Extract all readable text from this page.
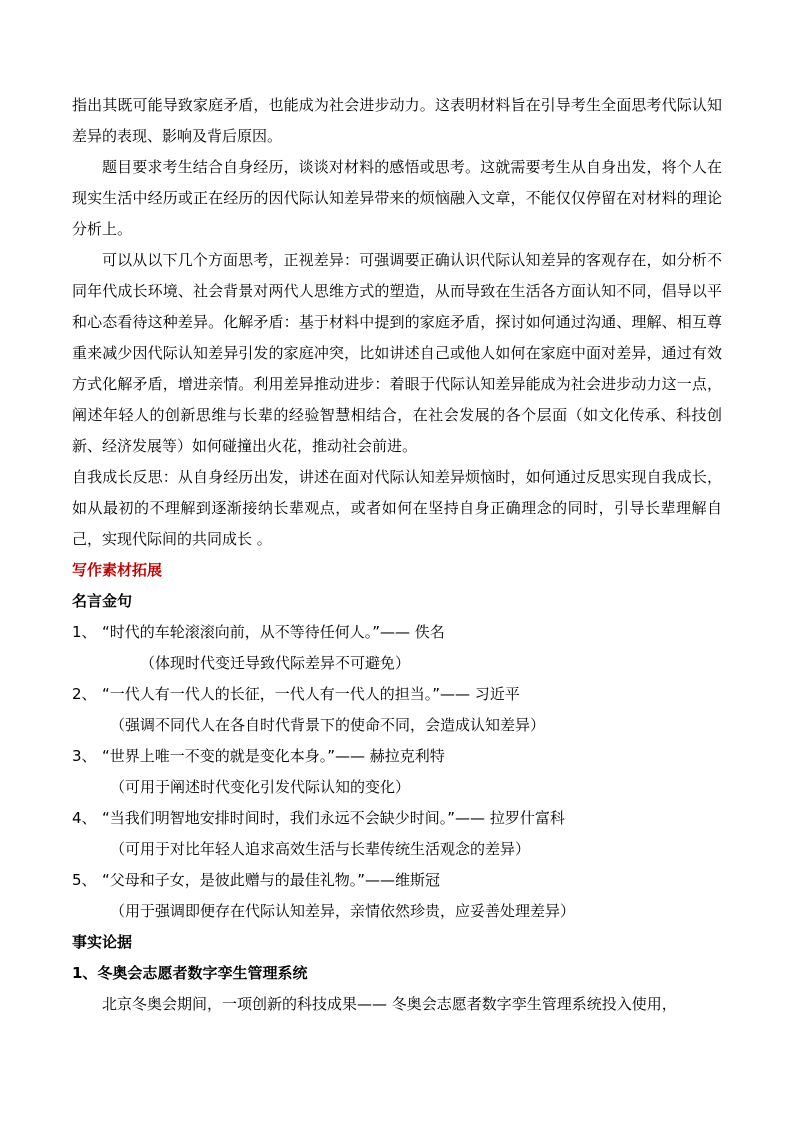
指出其既可能导致家庭矛盾，也能成为社会进步动力。这表明材料旨在引导考生全面思考代际认知差异的表现、影响及背后原因。

题目要求考生结合自身经历，谈谈对材料的感悟或思考。这就需要考生从自身出发，将个人在现实生活中经历或正在经历的因代际认知差异带来的烦恼融入文章，不能仅仅停留在对材料的理论分析上。

可以从以下几个方面思考，正视差异：可强调要正确认识代际认知差异的客观存在，如分析不同年代成长环境、社会背景对两代人思维方式的塑造，从而导致在生活各方面认知不同，倡导以平和心态看待这种差异。化解矛盾：基于材料中提到的家庭矛盾，探讨如何通过沟通、理解、相互尊重来减少因代际认知差异引发的家庭冲突，比如讲述自己或他人如何在家庭中面对差异，通过有效方式化解矛盾，增进亲情。利用差异推动进步：着眼于代际认知差异能成为社会进步动力这一点，阐述年轻人的创新思维与长辈的经验智慧相结合，在社会发展的各个层面（如文化传承、科技创新、经济发展等）如何碰撞出火花，推动社会前进。

自我成长反思：从自身经历出发，讲述在面对代际认知差异烦恼时，如何通过反思实现自我成长，如从最初的不理解到逐渐接纳长辈观点，或者如何在坚持自身正确理念的同时，引导长辈理解自己，实现代际间的共同成长 。

写作素材拓展

名言金句

1、 “时代的车轮滚滚向前，从不等待任何人。”—— 佚名

（体现时代变迁导致代际差异不可避免）

2、 “一代人有一代人的长征，一代人有一代人的担当。”—— 习近平

（强调不同代人在各自时代背景下的使命不同，会造成认知差异）

3、 “世界上唯一不变的就是变化本身。”—— 赫拉克利特

（可用于阐述时代变化引发代际认知的变化）

4、 “当我们明智地安排时间时，我们永远不会缺少时间。”—— 拉罗什富科

（可用于对比年轻人追求高效生活与长辈传统生活观念的差异）

5、 “父母和子女，是彼此赠与的最佳礼物。”——维斯冠

（用于强调即便存在代际认知差异，亲情依然珍贵，应妥善处理差异）

事实论据

1、冬奥会志愿者数字孪生管理系统

北京冬奥会期间，一项创新的科技成果—— 冬奥会志愿者数字孪生管理系统投入使用，
